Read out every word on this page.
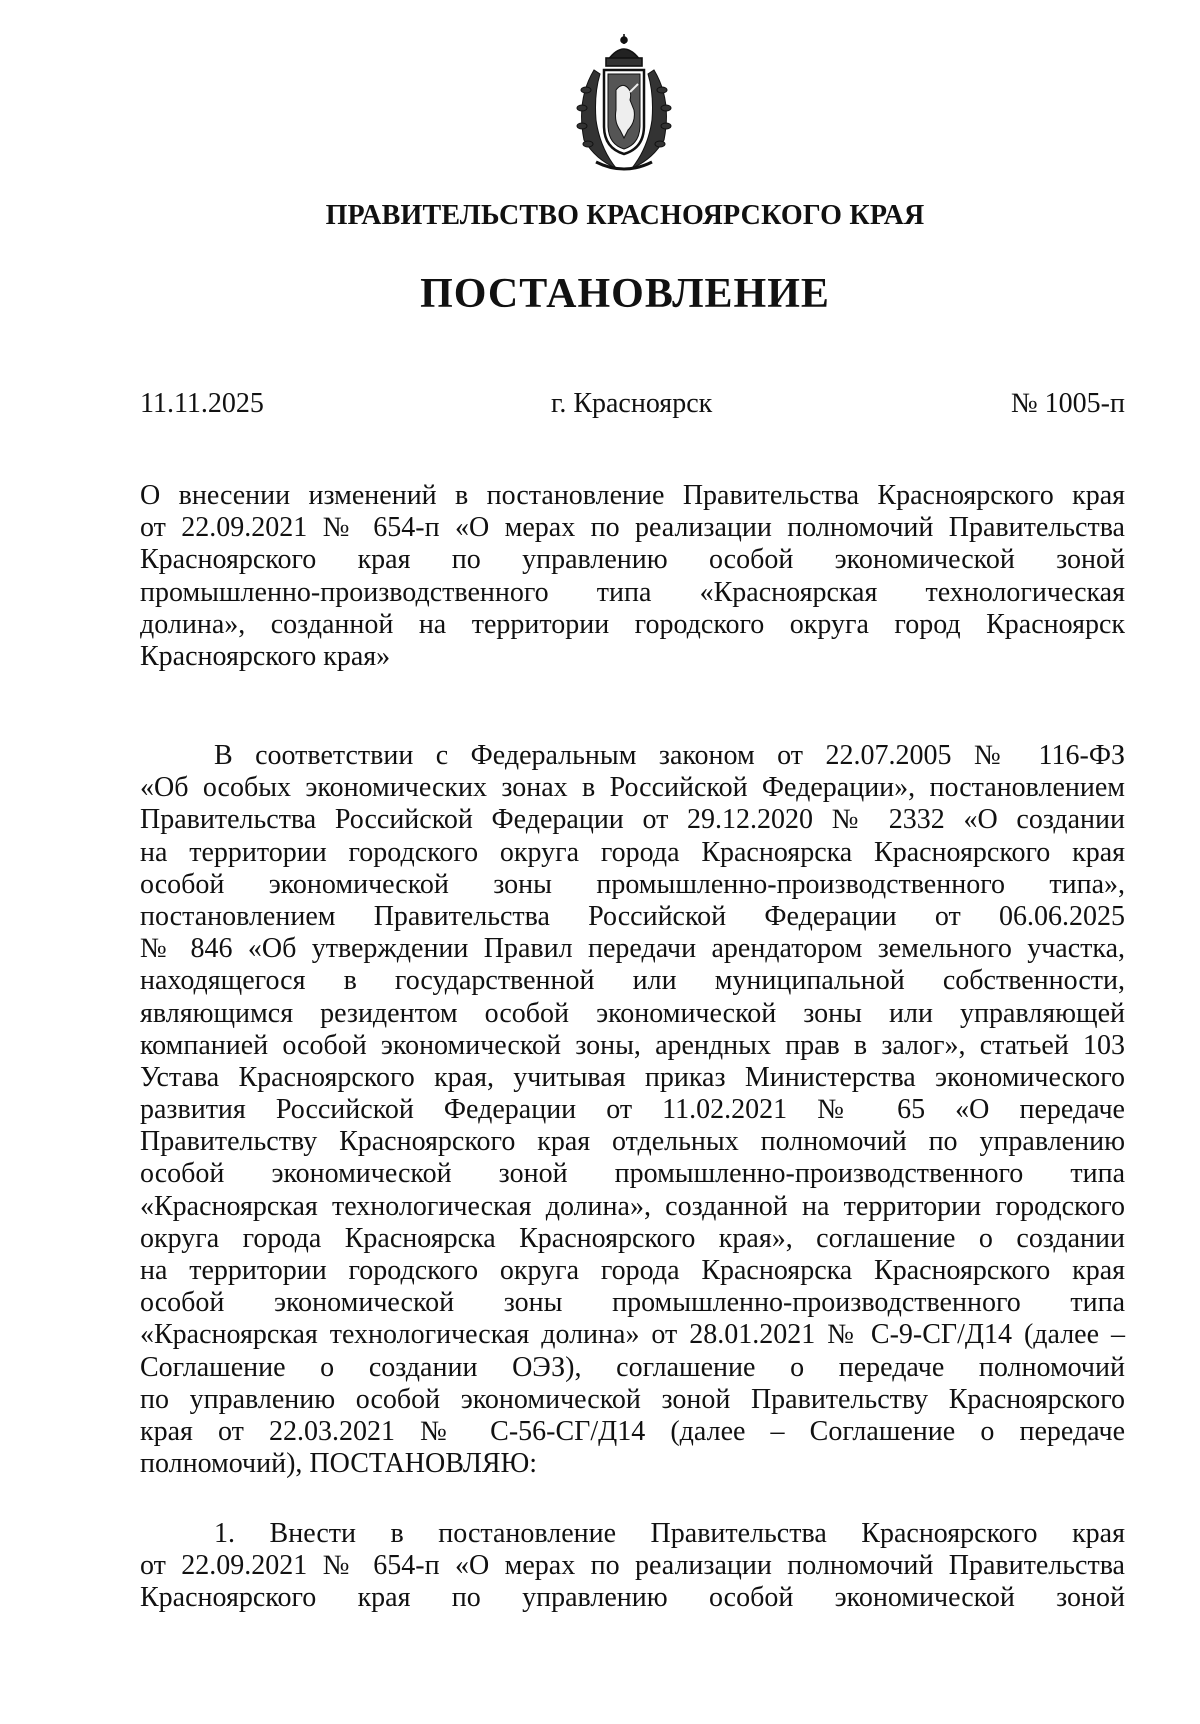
ПРАВИТЕЛЬСТВО КРАСНОЯРСКОГО КРАЯ
ПОСТАНОВЛЕНИЕ
11.11.2025	г. Красноярск	№ 1005-п
О внесении изменений в постановление Правительства Красноярского края
от 22.09.2021 № 654-п «О мерах по реализации полномочий Правительства
Красноярского края по управлению особой экономической зоной
промышленно-производственного типа «Красноярская технологическая
долина», созданной на территории городского округа город Красноярск
Красноярского края»
В соответствии с Федеральным законом от 22.07.2005 № 116-ФЗ
«Об особых экономических зонах в Российской Федерации», постановлением
Правительства Российской Федерации от 29.12.2020 № 2332 «О создании
на территории городского округа города Красноярска Красноярского края
особой экономической зоны промышленно-производственного типа»,
постановлением Правительства Российской Федерации от 06.06.2025
№ 846 «Об утверждении Правил передачи арендатором земельного участка,
находящегося в государственной или муниципальной собственности,
являющимся резидентом особой экономической зоны или управляющей
компанией особой экономической зоны, арендных прав в залог», статьей 103
Устава Красноярского края, учитывая приказ Министерства экономического
развития Российской Федерации от 11.02.2021 № 65 «О передаче
Правительству Красноярского края отдельных полномочий по управлению
особой экономической зоной промышленно-производственного типа
«Красноярская технологическая долина», созданной на территории городского
округа города Красноярска Красноярского края», соглашение о создании
на территории городского округа города Красноярска Красноярского края
особой экономической зоны промышленно-производственного типа
«Красноярская технологическая долина» от 28.01.2021 № С-9-СГ/Д14 (далее –
Соглашение о создании ОЭЗ), соглашение о передаче полномочий
по управлению особой экономической зоной Правительству Красноярского
края от 22.03.2021 № С-56-СГ/Д14 (далее – Соглашение о передаче
полномочий), ПОСТАНОВЛЯЮ:
1. Внести в постановление Правительства Красноярского края
от 22.09.2021 № 654-п «О мерах по реализации полномочий Правительства
Красноярского края по управлению особой экономической зоной
